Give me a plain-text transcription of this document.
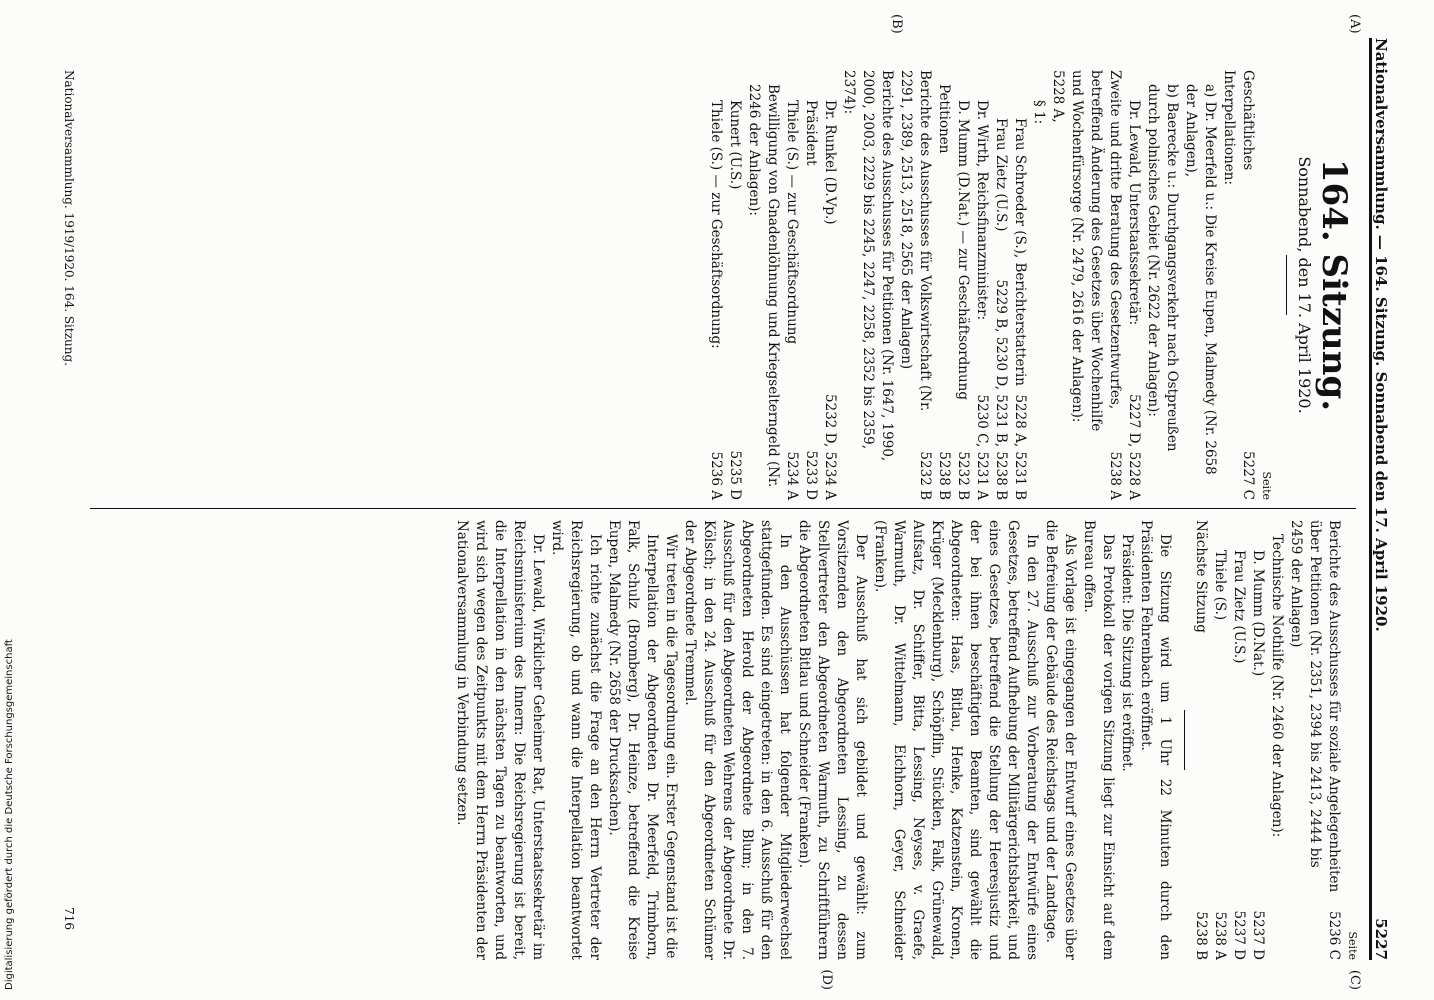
Digitalisierung gefördert durch die Deutsche Forschungsgemeinschaft
Nationalversammlung. — 164. Sitzung. Sonnabend den 17. April 1920.
5227
(A)
(B)
(C)
(D)
164. Sitzung.
Sonnabend, den 17. April 1920.
Seite
Geschäftliches
5227 C
Interpellationen:
a) Dr. Meerfeld u.: Die Kreise Eupen, Malmedy (Nr. 2658 der Anlagen),
b) Baerecke u.: Durchgangsverkehr nach Ostpreußen durch polnisches Gebiet (Nr. 2622 der Anlagen):
Dr. Lewald, Unterstaatssekretär:
5227 D, 5228 A
Zweite und dritte Beratung des Gesetzentwurfes, betreffend Änderung des Gesetzes über Wochenhilfe und Wochenfürsorge (Nr. 2479, 2616 der Anlagen): 5228 A,
5238 A
§ 1:
Frau Schroeder (S.), Berichterstatterin
5228 A, 5231 B
Frau Zietz (U.S.)
5229 B, 5230 D, 5231 B, 5238 B
Dr. Wirth, Reichsfinanzminister:
5230 C, 5231 A
D. Mumm (D.Nat.) — zur Geschäftsordnung
5232 B
Petitionen
5238 B
Berichte des Ausschusses für Volkswirtschaft (Nr. 2291, 2389, 2513, 2518, 2565 der Anlagen)
5232 B
Berichte des Ausschusses für Petitionen (Nr. 1647, 1990, 2000, 2003, 2229 bis 2245, 2247, 2258, 2352 bis 2359, 2374):
Dr. Runkel (D.Vp.)
5232 D, 5234 A
Präsident
5233 D
Thiele (S.) — zur Geschäftsordnung
5234 A
Bewilligung von Gnadenlöhnung und Kriegselterngeld (Nr. 2246 der Anlagen):
Kunert (U.S.)
5235 D
Thiele (S.) — zur Geschäftsordnung:
5236 A
Seite
Berichte des Ausschusses für soziale Angelegenheiten über Petitionen (Nr. 2351, 2394 bis 2413, 2444 bis 2459 der Anlagen)
5236 C
Technische Nothilfe (Nr. 2460 der Anlagen):
D. Mumm (D.Nat.)
5237 D
Frau Zietz (U.S.)
5237 D
Thiele (S.)
5238 A
Nächste Sitzung
5238 B

Die Sitzung wird um 1 Uhr 22 Minuten durch den Präsidenten Fehrenbach eröffnet.

Präsident: Die Sitzung ist eröffnet.

Das Protokoll der vorigen Sitzung liegt zur Einsicht auf dem Bureau offen.

Als Vorlage ist eingegangen der Entwurf eines Gesetzes über die Befreiung der Gebäude des Reichstags und der Landtage.

In den 27. Ausschuß zur Vorberatung der Entwürfe eines Gesetzes, betreffend Aufhebung der Militärgerichtsbarkeit, und eines Gesetzes, betreffend die Stellung der Heeresjustiz und der bei ihnen beschäftigten Beamten, sind gewählt die Abgeordneten: Haas, Bitlau, Henke, Katzenstein, Kronen, Krüger (Mecklenburg), Schöpflin, Stücklen, Falk, Grünewald, Aufsatz, Dr. Schiffer, Bitta, Lessing, Neyses, v. Graefe, Warmuth, Dr. Wittelmann, Eichhorn, Geyer, Schneider (Franken).

Der Ausschuß hat sich gebildet und gewählt: zum Vorsitzenden den Abgeordneten Lessing, zu dessen Stellvertreter den Abgeordneten Warmuth, zu Schriftführern die Abgeordneten Bitlau und Schneider (Franken).

In den Ausschüssen hat folgender Mitgliederwechsel stattgefunden. Es sind eingetreten: in den 6. Ausschuß für den Abgeordneten Herold der Abgeordnete Blum; in den 7. Ausschuß für den Abgeordneten Wehrens der Abgeordnete Dr. Kölsch; in den 24. Ausschuß für den Abgeordneten Schümer der Abgeordnete Tremmel.

Wir treten in die Tagesordnung ein. Erster Gegenstand ist die

Interpellation der Abgeordneten Dr. Meerfeld, Trimborn, Falk, Schulz (Bromberg), Dr. Heinze, betreffend die Kreise Eupen, Malmedy (Nr. 2658 der Drucksachen).

Ich richte zunächst die Frage an den Herrn Vertreter der Reichsregierung, ob und wann die Interpellation beantwortet wird.

Dr. Lewald, Wirklicher Geheimer Rat, Unterstaatssekretär im Reichsministerium des Innern: Die Reichsregierung ist bereit, die Interpellation in den nächsten Tagen zu beantworten, und wird sich wegen des Zeitpunkts mit dem Herrn Präsidenten der Nationalversammlung in Verbindung setzen.

Nationalversammlung. 1919/1920. 164. Sitzung.
716
